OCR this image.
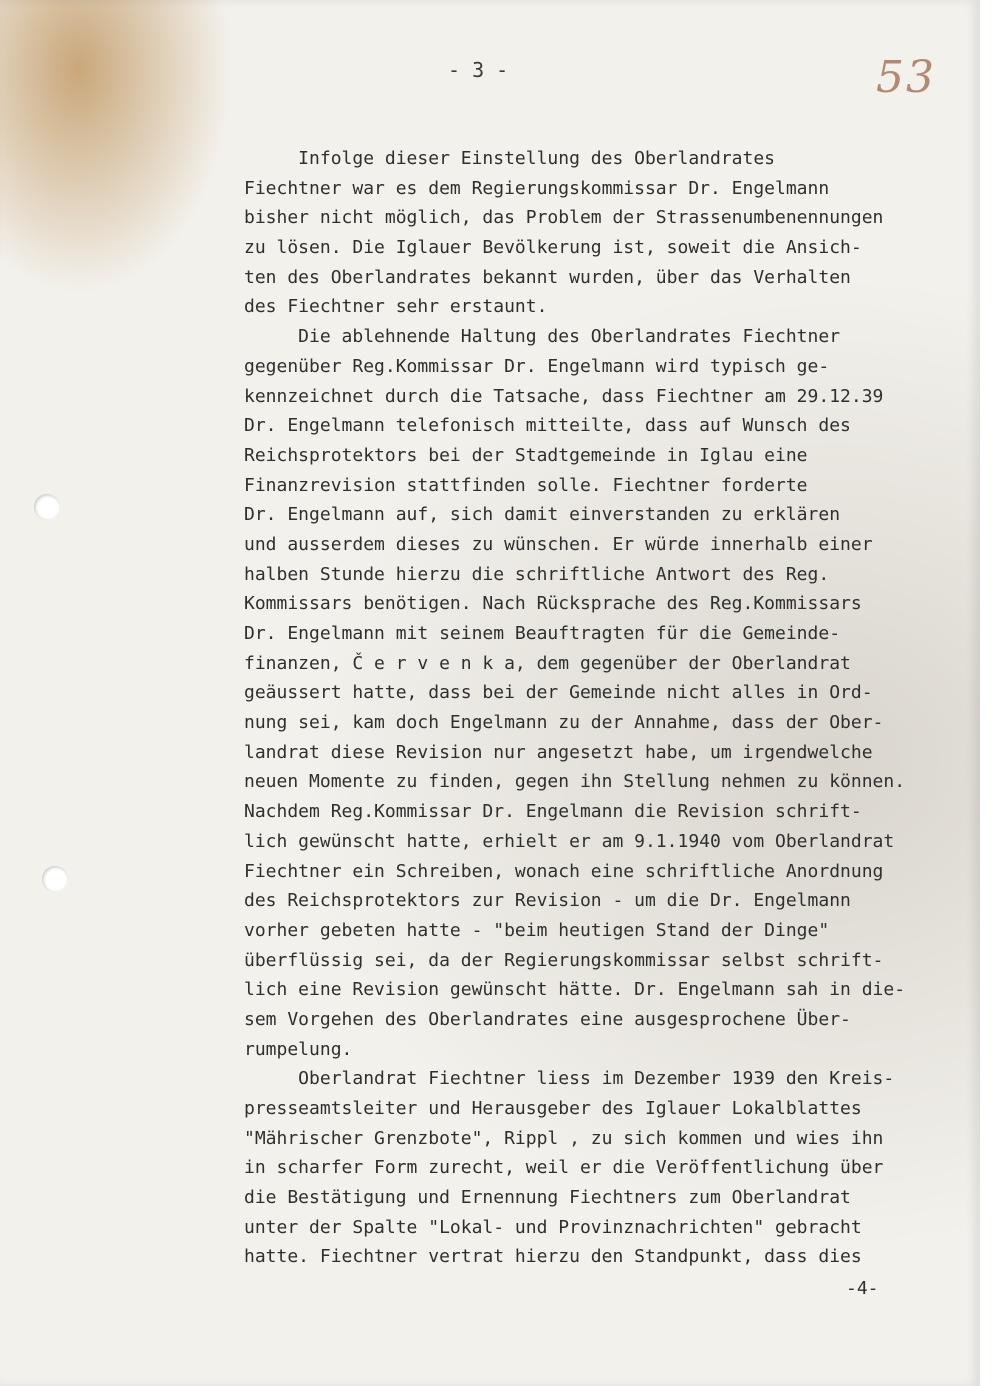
- 3 -	53
Infolge dieser Einstellung des Oberlandrates
Fiechtner war es dem Regierungskommissar Dr. Engelmann
bisher nicht möglich, das Problem der Strassenumbenennungen
zu lösen. Die Iglauer Bevölkerung ist, soweit die Ansich-
ten des Oberlandrates bekannt wurden, über das Verhalten
des Fiechtner sehr erstaunt.
Die ablehnende Haltung des Oberlandrates Fiechtner
gegenüber Reg.Kommissar Dr. Engelmann wird typisch ge-
kennzeichnet durch die Tatsache, dass Fiechtner am 29.12.39
Dr. Engelmann telefonisch mitteilte, dass auf Wunsch des
Reichsprotektors bei der Stadtgemeinde in Iglau eine
Finanzrevision stattfinden solle. Fiechtner forderte
Dr. Engelmann auf, sich damit einverstanden zu erklären
und ausserdem dieses zu wünschen. Er würde innerhalb einer
halben Stunde hierzu die schriftliche Antwort des Reg.
Kommissars benötigen. Nach Rücksprache des Reg.Kommissars
Dr. Engelmann mit seinem Beauftragten für die Gemeinde-
finanzen, Č e r v e n k a, dem gegenüber der Oberlandrat
geäussert hatte, dass bei der Gemeinde nicht alles in Ord-
nung sei, kam doch Engelmann zu der Annahme, dass der Ober-
landrat diese Revision nur angesetzt habe, um irgendwelche
neuen Momente zu finden, gegen ihn Stellung nehmen zu können.
Nachdem Reg.Kommissar Dr. Engelmann die Revision schrift-
lich gewünscht hatte, erhielt er am 9.1.1940 vom Oberlandrat
Fiechtner ein Schreiben, wonach eine schriftliche Anordnung
des Reichsprotektors zur Revision - um die Dr. Engelmann
vorher gebeten hatte - "beim heutigen Stand der Dinge"
überflüssig sei, da der Regierungskommissar selbst schrift-
lich eine Revision gewünscht hätte. Dr. Engelmann sah in die-
sem Vorgehen des Oberlandrates eine ausgesprochene Über-
rumpelung.
Oberlandrat Fiechtner liess im Dezember 1939 den Kreis-
presseamtsleiter und Herausgeber des Iglauer Lokalblattes
"Mährischer Grenzbote", Rippl , zu sich kommen und wies ihn
in scharfer Form zurecht, weil er die Veröffentlichung über
die Bestätigung und Ernennung Fiechtners zum Oberlandrat
unter der Spalte "Lokal- und Provinznachrichten" gebracht
hatte. Fiechtner vertrat hierzu den Standpunkt, dass dies
-4-
